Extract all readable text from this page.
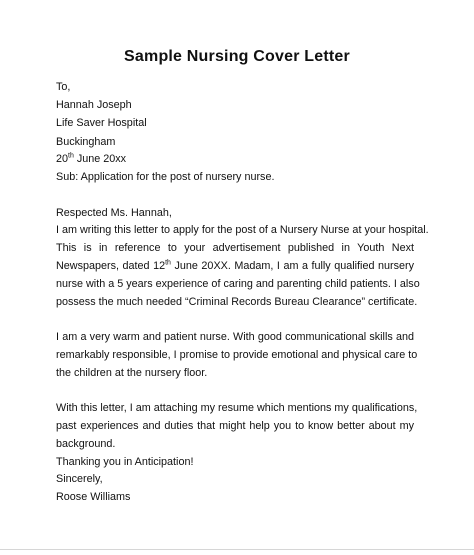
Sample Nursing Cover Letter
To,
Hannah Joseph
Life Saver Hospital
Buckingham
20th June 20xx
Sub: Application for the post of nursery nurse.
Respected Ms. Hannah,
I am writing this letter to apply for the post of a Nursery Nurse at your hospital.
This is in reference to your advertisement published in Youth Next
Newspapers, dated 12th June 20XX. Madam, I am a fully qualified nursery
nurse with a 5 years experience of caring and parenting child patients. I also
possess the much needed “Criminal Records Bureau Clearance” certificate.
I am a very warm and patient nurse. With good communicational skills and
remarkably responsible, I promise to provide emotional and physical care to
the children at the nursery floor.
With this letter, I am attaching my resume which mentions my qualifications,
past experiences and duties that might help you to know better about my
background.
Thanking you in Anticipation!
Sincerely,
Roose Williams
